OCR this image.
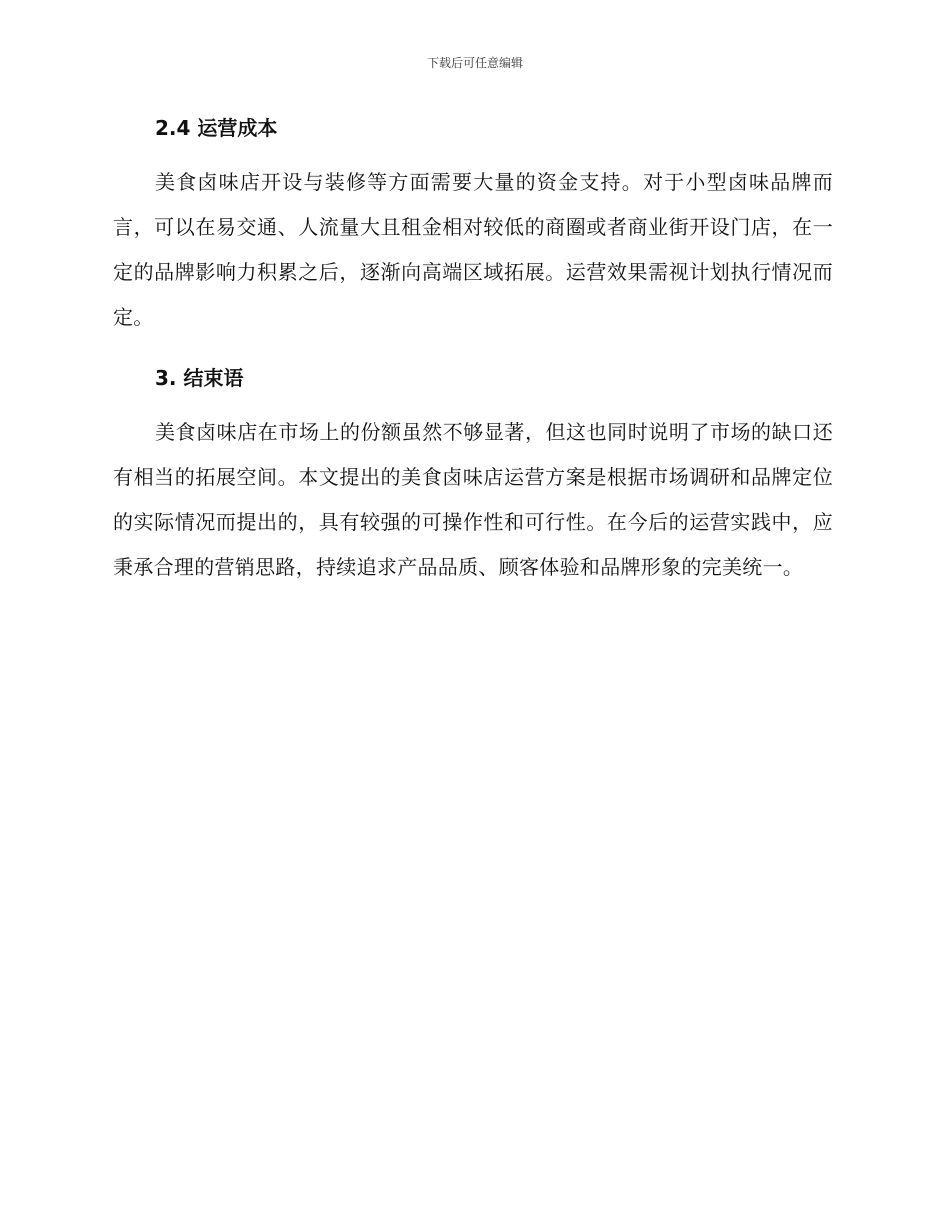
下载后可任意编辑
2.4 运营成本

美食卤味店开设与装修等方面需要大量的资金支持。对于小型卤味品牌而言，可以在易交通、人流量大且租金相对较低的商圈或者商业街开设门店，在一定的品牌影响力积累之后，逐渐向高端区域拓展。运营效果需视计划执行情况而定。

3. 结束语

美食卤味店在市场上的份额虽然不够显著，但这也同时说明了市场的缺口还有相当的拓展空间。本文提出的美食卤味店运营方案是根据市场调研和品牌定位的实际情况而提出的，具有较强的可操作性和可行性。在今后的运营实践中，应秉承合理的营销思路，持续追求产品品质、顾客体验和品牌形象的完美统一。
